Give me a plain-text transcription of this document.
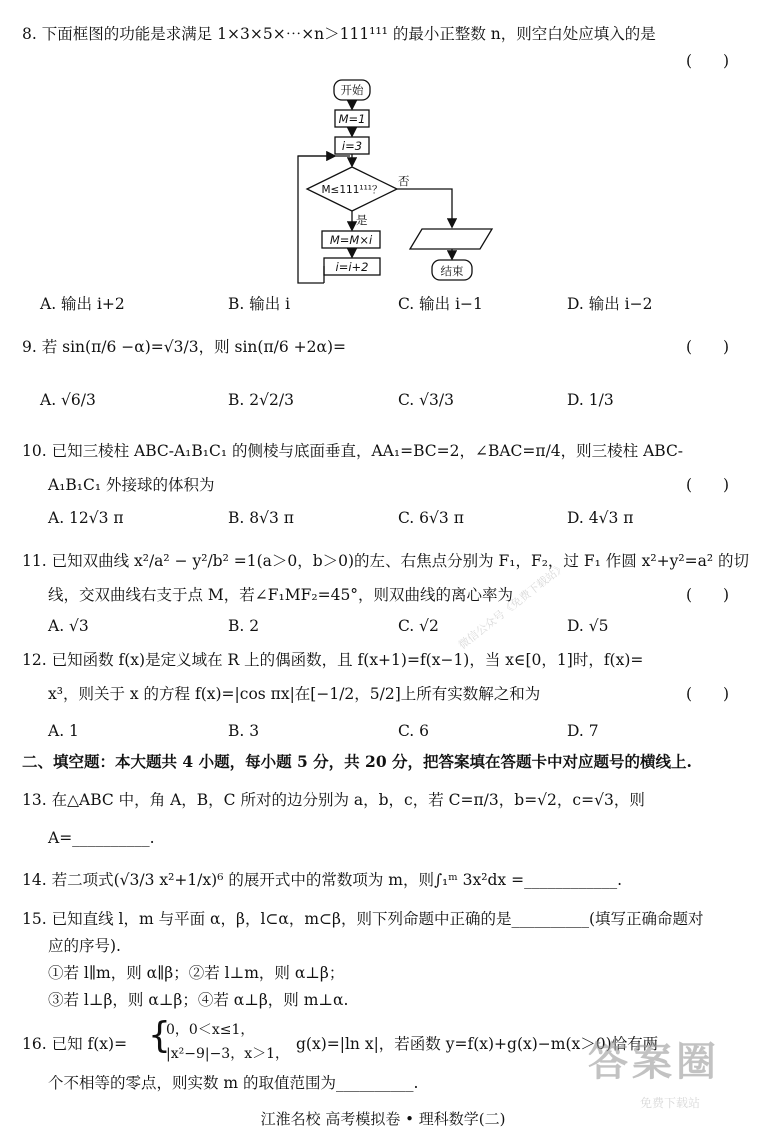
8. 下面框图的功能是求满足 1×3×5×⋯×n＞111¹¹¹ 的最小正整数 n，则空白处应填入的是
(　　)
开始
M=1
i=3
M≤111¹¹¹？
是
否
M=M×i
i=i+2	结束
A. 输出 i+2	B. 输出 i	C. 输出 i−1	D. 输出 i−2
9. 若 sin(π/6 −α)=√3/3，则 sin(π/6 +2α)=	(　　)
A. √6/3	B. 2√2/3	C. √3/3	D. 1/3
10. 已知三棱柱 ABC-A₁B₁C₁ 的侧棱与底面垂直，AA₁=BC=2，∠BAC=π/4，则三棱柱 ABC-
A₁B₁C₁ 外接球的体积为	(　　)
A. 12√3 π	B. 8√3 π	C. 6√3 π	D. 4√3 π
11. 已知双曲线 x²/a² − y²/b² =1(a＞0，b＞0)的左、右焦点分别为 F₁，F₂，过 F₁ 作圆 x²+y²=a² 的切
线，交双曲线右支于点 M，若∠F₁MF₂=45°，则双曲线的离心率为	(　　)
A. √3	B. 2	C. √2	D. √5
12. 已知函数 f(x)是定义域在 R 上的偶函数，且 f(x+1)=f(x−1)，当 x∈[0，1]时，f(x)=
x³，则关于 x 的方程 f(x)=|cos πx|在[−1/2，5/2]上所有实数解之和为	(　　)
A. 1	B. 3	C. 6	D. 7
二、填空题：本大题共 4 小题，每小题 5 分，共 20 分，把答案填在答题卡中对应题号的横线上.
13. 在△ABC 中，角 A，B，C 所对的边分别为 a，b，c，若 C=π/3，b=√2，c=√3，则
A=__________.
14. 若二项式(√3/3 x²+1/x)⁶ 的展开式中的常数项为 m，则∫₁ᵐ 3x²dx =____________.
15. 已知直线 l，m 与平面 α，β，l⊂α，m⊂β，则下列命题中正确的是__________(填写正确命题对
应的序号).
①若 l∥m，则 α∥β；②若 l⊥m，则 α⊥β；
③若 l⊥β，则 α⊥β；④若 α⊥β，则 m⊥α.
16. 已知 f(x)= {
0，0＜x≤1，
|x²−9|−3，x＞1，
g(x)=|ln x|，若函数 y=f(x)+g(x)−m(x＞0)恰有两
个不相等的零点，则实数 m 的取值范围为__________.
江淮名校 高考模拟卷 • 理科数学(二)
微信公众号《免费下载站》
答案圈
免费下载站
